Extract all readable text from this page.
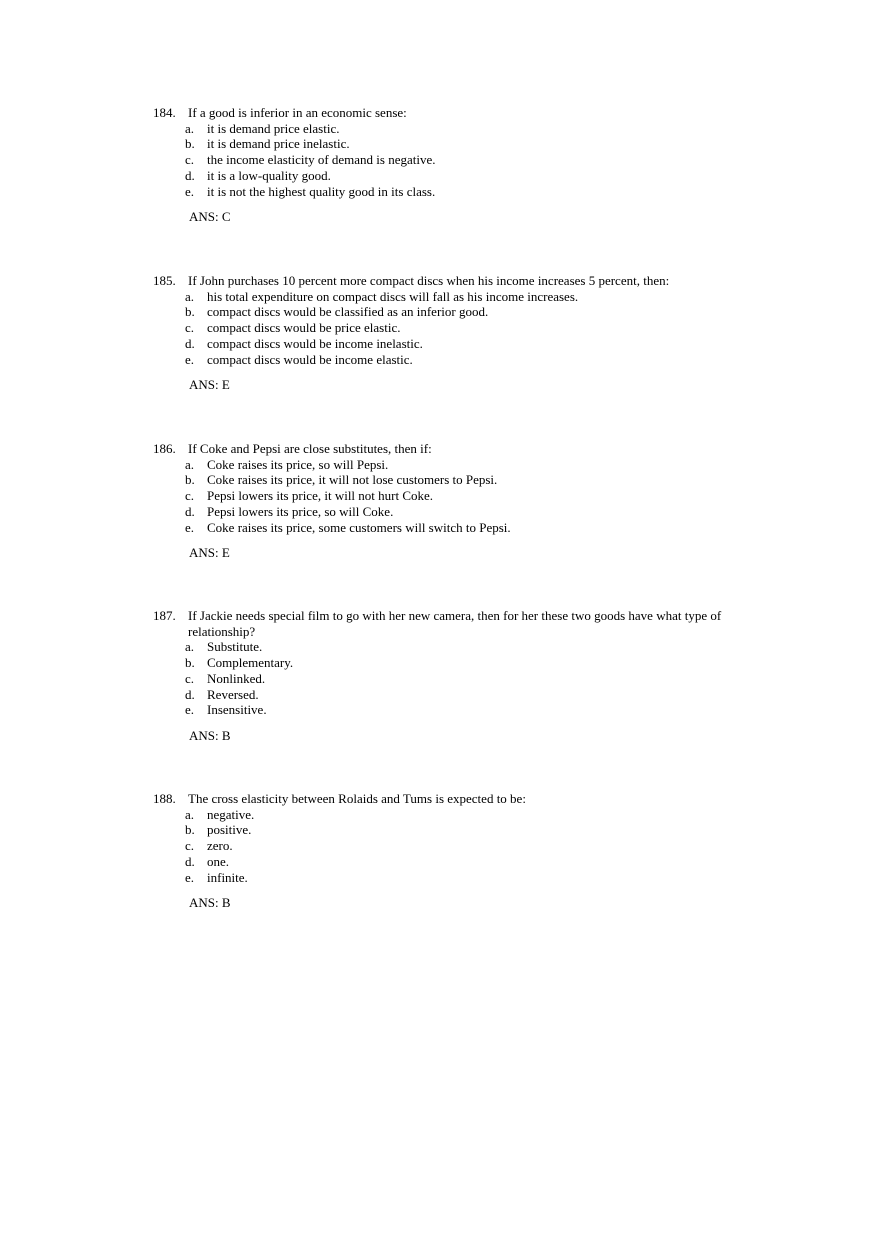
184. If a good is inferior in an economic sense:
a. it is demand price elastic.
b. it is demand price inelastic.
c. the income elasticity of demand is negative.
d. it is a low-quality good.
e. it is not the highest quality good in its class.
ANS: C
185. If John purchases 10 percent more compact discs when his income increases 5 percent, then:
a. his total expenditure on compact discs will fall as his income increases.
b. compact discs would be classified as an inferior good.
c. compact discs would be price elastic.
d. compact discs would be income inelastic.
e. compact discs would be income elastic.
ANS: E
186. If Coke and Pepsi are close substitutes, then if:
a. Coke raises its price, so will Pepsi.
b. Coke raises its price, it will not lose customers to Pepsi.
c. Pepsi lowers its price, it will not hurt Coke.
d. Pepsi lowers its price, so will Coke.
e. Coke raises its price, some customers will switch to Pepsi.
ANS: E
187. If Jackie needs special film to go with her new camera, then for her these two goods have what type of relationship?
a. Substitute.
b. Complementary.
c. Nonlinked.
d. Reversed.
e. Insensitive.
ANS: B
188. The cross elasticity between Rolaids and Tums is expected to be:
a. negative.
b. positive.
c. zero.
d. one.
e. infinite.
ANS: B
